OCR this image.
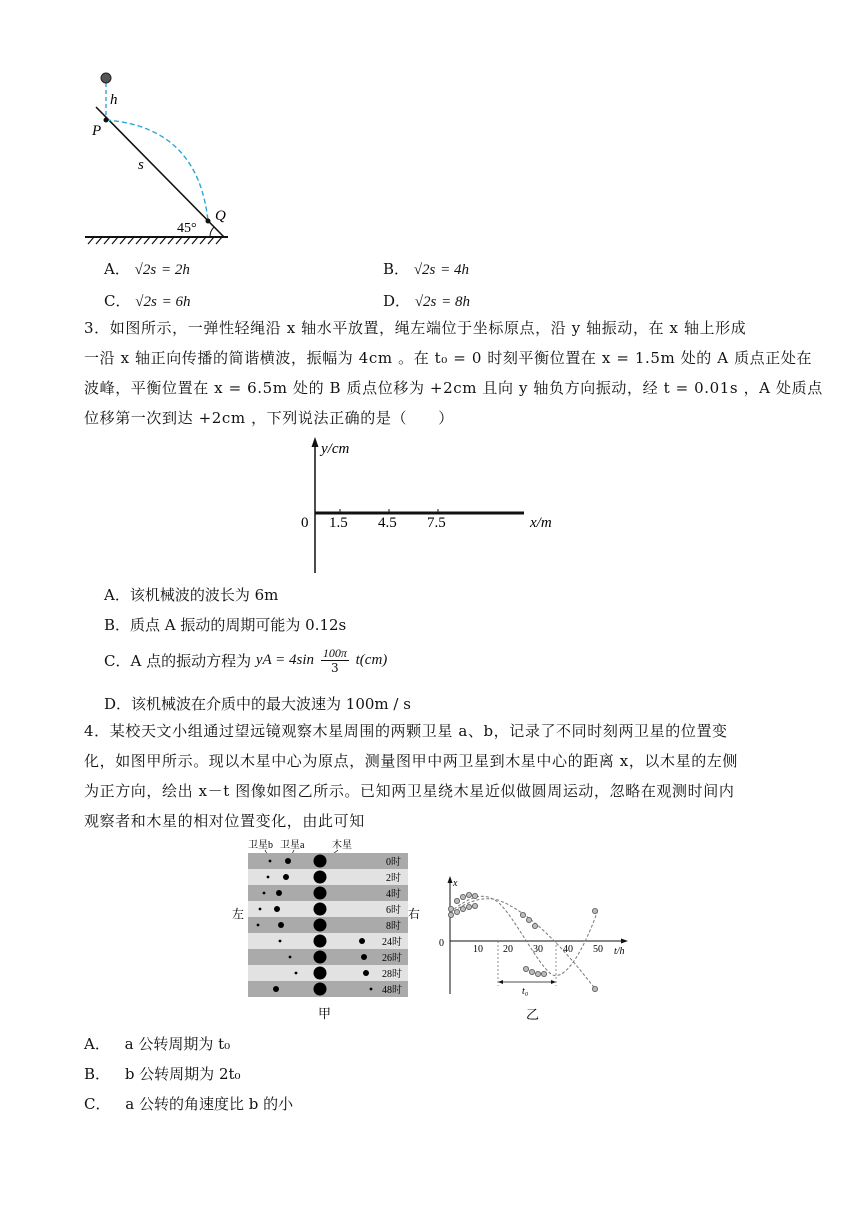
h
P
s
Q
45°
A． √2s = 2h	B． √2s = 4h
C． √2s = 6h	D． √2s = 8h
3．如图所示，一弹性轻绳沿 x 轴水平放置，绳左端位于坐标原点，沿 y 轴振动，在 x 轴上形成
一沿 x 轴正向传播的简谐横波，振幅为 4cm 。在 t₀ = 0 时刻平衡位置在 x = 1.5m 处的 A 质点正处在
波峰，平衡位置在 x = 6.5m 处的 B 质点位移为 +2cm 且向 y 轴负方向振动，经 t = 0.01s ，A 处质点
位移第一次到达 +2cm ，下列说法正确的是（　　）
y/cm
x/m
0 1.5 4.5 7.5
A．该机械波的波长为 6m
B．质点 A 振动的周期可能为 0.12s
C．A 点的振动方程为 yA = $4\sin \frac{100\pi}{3} t(cm)$
D．该机械波在介质中的最大波速为 100m / s
4．某校天文小组通过望远镜观察木星周围的两颗卫星 a、b，记录了不同时刻两卫星的位置变
化，如图甲所示。现以木星中心为原点，测量图甲中两卫星到木星中心的距离 x，以木星的左侧
为正方向，绘出 x－t 图像如图乙所示。已知两卫星绕木星近似做圆周运动，忽略在观测时间内
观察者和木星的相对位置变化，由此可知
卫星b 卫星a	木星
左	右
0时
2时
4时
6时
8时
24时
26时
28时
48时
甲
x
t/h
0
10 20 30 40 50
t₀
乙
A． a 公转周期为 t₀
B． b 公转周期为 2t₀
C． a 公转的角速度比 b 的小
